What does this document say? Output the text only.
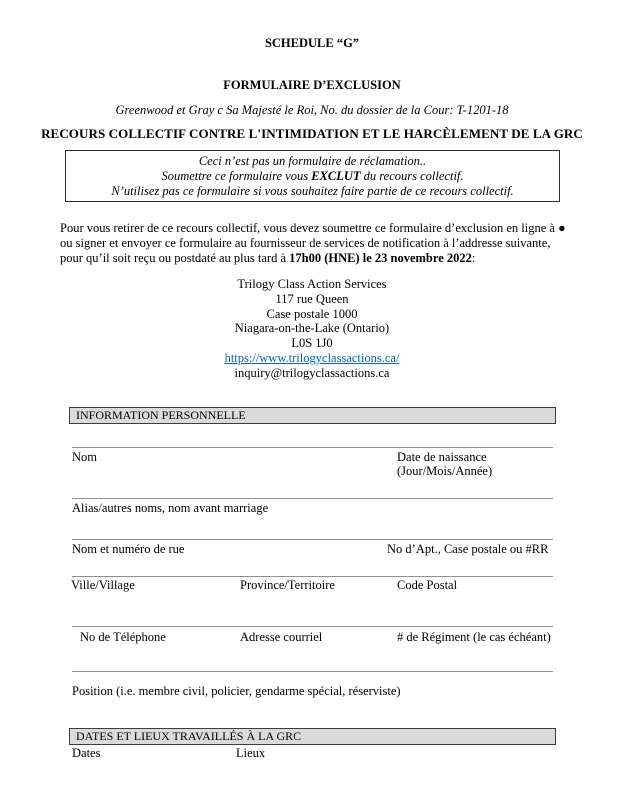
SCHEDULE “G”
FORMULAIRE D’EXCLUSION
Greenwood et Gray c Sa Majesté le Roi, No. du dossier de la Cour: T-1201-18
RECOURS COLLECTIF CONTRE L'INTIMIDATION ET LE HARCÈLEMENT DE LA GRC
Ceci n’est pas un formulaire de réclamation..
Soumettre ce formulaire vous EXCLUT du recours collectif.
N’utilisez pas ce formulaire si vous souhaitez faire partie de ce recours collectif.
Pour vous retirer de ce recours collectif, vous devez soumettre ce formulaire d’exclusion en ligne à ●
ou signer et envoyer ce formulaire au fournisseur de services de notification à l’addresse suivante,
pour qu’il soit reçu ou postdaté au plus tard à 17h00 (HNE) le 23 novembre 2022:
Trilogy Class Action Services
117 rue Queen
Case postale 1000
Niagara-on-the-Lake (Ontario)
L0S 1J0
https://www.trilogyclassactions.ca/
inquiry@trilogyclassactions.ca
INFORMATION PERSONNELLE
Nom	Date de naissance
(Jour/Mois/Année)
Alias/autres noms, nom avant marriage
Nom et numéro de rue	No d’Apt., Case postale ou #RR
Ville/Village	Province/Territoire	Code Postal
No de Téléphone	Adresse courriel	# de Régiment (le cas échéant)
Position (i.e. membre civil, policier, gendarme spécial, réserviste)
DATES ET LIEUX TRAVAILLÉS À LA GRC
Dates	Lieux
